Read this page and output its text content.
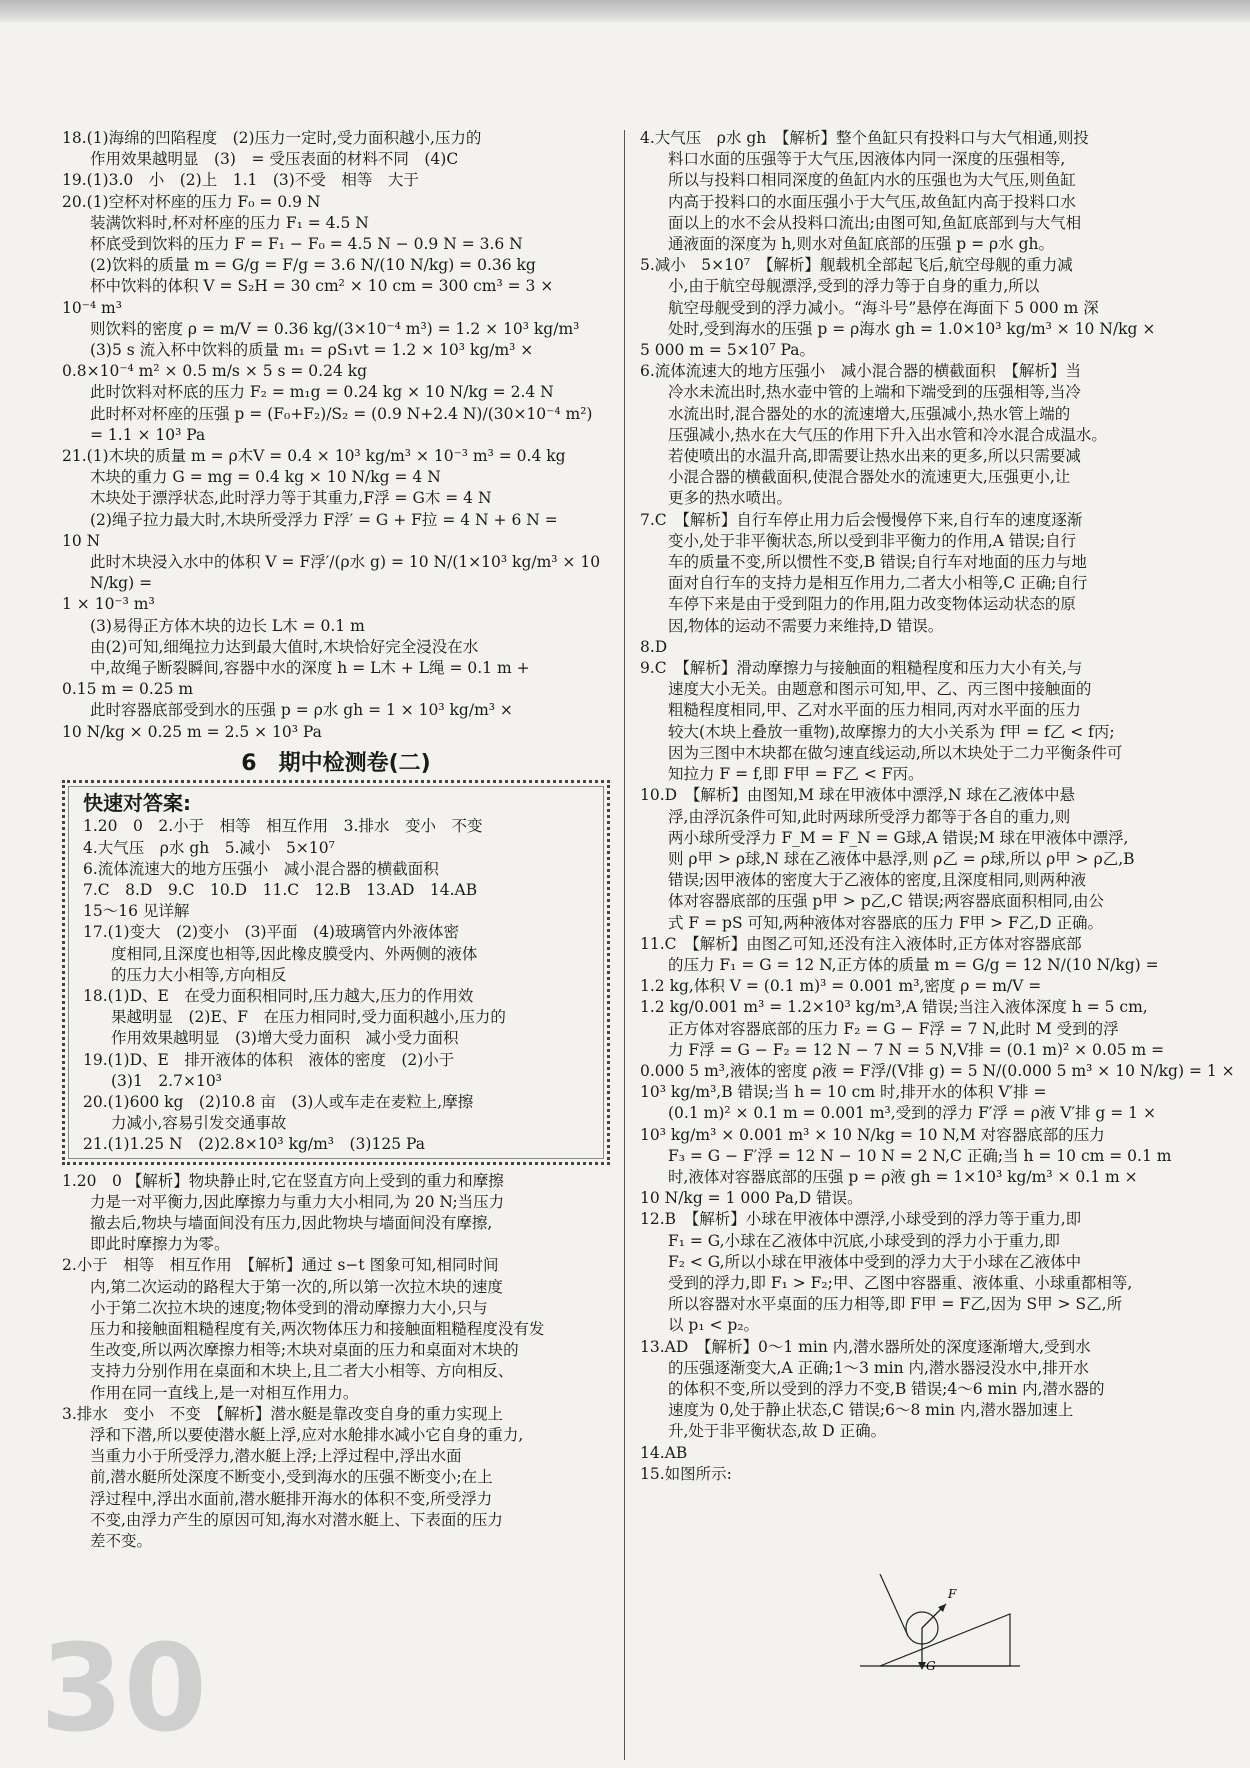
18.(1)海绵的凹陷程度　(2)压力一定时,受力面积越小,压力的
作用效果越明显　(3)　= 受压表面的材料不同　(4)C
19.(1)3.0　小　(2)上　1.1　(3)不受　相等　大于
20.(1)空杯对杯座的压力 F₀ = 0.9 N
装满饮料时,杯对杯座的压力 F₁ = 4.5 N
杯底受到饮料的压力 F = F₁ − F₀ = 4.5 N − 0.9 N = 3.6 N
(2)饮料的质量 m = G/g = F/g = 3.6 N/(10 N/kg) = 0.36 kg
杯中饮料的体积 V = S₂H = 30 cm² × 10 cm = 300 cm³ = 3 ×
10⁻⁴ m³
则饮料的密度 ρ = m/V = 0.36 kg/(3×10⁻⁴ m³) = 1.2 × 10³ kg/m³
(3)5 s 流入杯中饮料的质量 m₁ = ρS₁vt = 1.2 × 10³ kg/m³ ×
0.8×10⁻⁴ m² × 0.5 m/s × 5 s = 0.24 kg
此时饮料对杯底的压力 F₂ = m₁g = 0.24 kg × 10 N/kg = 2.4 N
此时杯对杯座的压强 p = (F₀+F₂)/S₂ = (0.9 N+2.4 N)/(30×10⁻⁴ m²) = 1.1 × 10³ Pa
21.(1)木块的质量 m = ρ木V = 0.4 × 10³ kg/m³ × 10⁻³ m³ = 0.4 kg
木块的重力 G = mg = 0.4 kg × 10 N/kg = 4 N
木块处于漂浮状态,此时浮力等于其重力,F浮 = G木 = 4 N
(2)绳子拉力最大时,木块所受浮力 F浮′ = G + F拉 = 4 N + 6 N =
10 N
此时木块浸入水中的体积 V = F浮′/(ρ水 g) = 10 N/(1×10³ kg/m³ × 10 N/kg) =
1 × 10⁻³ m³
(3)易得正方体木块的边长 L木 = 0.1 m
由(2)可知,细绳拉力达到最大值时,木块恰好完全浸没在水
中,故绳子断裂瞬间,容器中水的深度 h = L木 + L绳 = 0.1 m +
0.15 m = 0.25 m
此时容器底部受到水的压强 p = ρ水 gh = 1 × 10³ kg/m³ ×
10 N/kg × 0.25 m = 2.5 × 10³ Pa
6　期中检测卷(二)
快速对答案:
1.20　0　2.小于　相等　相互作用　3.排水　变小　不变
4.大气压　ρ水 gh　5.减小　5×10⁷
6.流体流速大的地方压强小　减小混合器的横截面积
7.C　8.D　9.C　10.D　11.C　12.B　13.AD　14.AB
15～16 见详解
17.(1)变大　(2)变小　(3)平面　(4)玻璃管内外液体密
度相同,且深度也相等,因此橡皮膜受内、外两侧的液体
的压力大小相等,方向相反
18.(1)D、E　在受力面积相同时,压力越大,压力的作用效
果越明显　(2)E、F　在压力相同时,受力面积越小,压力的
作用效果越明显　(3)增大受力面积　减小受力面积
19.(1)D、E　排开液体的体积　液体的密度　(2)小于
(3)1　2.7×10³
20.(1)600 kg　(2)10.8 亩　(3)人或车走在麦粒上,摩擦
力减小,容易引发交通事故
21.(1)1.25 N　(2)2.8×10³ kg/m³　(3)125 Pa
1.20　0 【解析】物块静止时,它在竖直方向上受到的重力和摩擦
力是一对平衡力,因此摩擦力与重力大小相同,为 20 N;当压力
撤去后,物块与墙面间没有压力,因此物块与墙面间没有摩擦,
即此时摩擦力为零。
2.小于　相等　相互作用　【解析】通过 s−t 图象可知,相同时间
内,第二次运动的路程大于第一次的,所以第一次拉木块的速度
小于第二次拉木块的速度;物体受到的滑动摩擦力大小,只与
压力和接触面粗糙程度有关,两次物体压力和接触面粗糙程度没有发
生改变,所以两次摩擦力相等;木块对桌面的压力和桌面对木块的
支持力分别作用在桌面和木块上,且二者大小相等、方向相反、
作用在同一直线上,是一对相互作用力。
3.排水　变小　不变　【解析】潜水艇是靠改变自身的重力实现上
浮和下潜,所以要使潜水艇上浮,应对水舱排水减小它自身的重力,
当重力小于所受浮力,潜水艇上浮;上浮过程中,浮出水面
前,潜水艇所处深度不断变小,受到海水的压强不断变小;在上
浮过程中,浮出水面前,潜水艇排开海水的体积不变,所受浮力
不变,由浮力产生的原因可知,海水对潜水艇上、下表面的压力
差不变。
4.大气压　ρ水 gh　【解析】整个鱼缸只有投料口与大气相通,则投
料口水面的压强等于大气压,因液体内同一深度的压强相等,
所以与投料口相同深度的鱼缸内水的压强也为大气压,则鱼缸
内高于投料口的水面压强小于大气压,故鱼缸内高于投料口水
面以上的水不会从投料口流出;由图可知,鱼缸底部到与大气相
通液面的深度为 h,则水对鱼缸底部的压强 p = ρ水 gh。
5.减小　5×10⁷　【解析】舰载机全部起飞后,航空母舰的重力减
小,由于航空母舰漂浮,受到的浮力等于自身的重力,所以
航空母舰受到的浮力减小。“海斗号”悬停在海面下 5 000 m 深
处时,受到海水的压强 p = ρ海水 gh = 1.0×10³ kg/m³ × 10 N/kg ×
5 000 m = 5×10⁷ Pa。
6.流体流速大的地方压强小　减小混合器的横截面积　【解析】当
冷水未流出时,热水壶中管的上端和下端受到的压强相等,当冷
水流出时,混合器处的水的流速增大,压强减小,热水管上端的
压强减小,热水在大气压的作用下升入出水管和冷水混合成温水。
若使喷出的水温升高,即需要让热水出来的更多,所以只需要减
小混合器的横截面积,使混合器处水的流速更大,压强更小,让
更多的热水喷出。
7.C　【解析】自行车停止用力后会慢慢停下来,自行车的速度逐渐
变小,处于非平衡状态,所以受到非平衡力的作用,A 错误;自行
车的质量不变,所以惯性不变,B 错误;自行车对地面的压力与地
面对自行车的支持力是相互作用力,二者大小相等,C 正确;自行
车停下来是由于受到阻力的作用,阻力改变物体运动状态的原
因,物体的运动不需要力来维持,D 错误。
8.D
9.C　【解析】滑动摩擦力与接触面的粗糙程度和压力大小有关,与
速度大小无关。由题意和图示可知,甲、乙、丙三图中接触面的
粗糙程度相同,甲、乙对水平面的压力相同,丙对水平面的压力
较大(木块上叠放一重物),故摩擦力的大小关系为 f甲 = f乙 < f丙;
因为三图中木块都在做匀速直线运动,所以木块处于二力平衡条件可
知拉力 F = f,即 F甲 = F乙 < F丙。
10.D　【解析】由图知,M 球在甲液体中漂浮,N 球在乙液体中悬
浮,由浮沉条件可知,此时两球所受浮力都等于各自的重力,则
两小球所受浮力 F_M = F_N = G球,A 错误;M 球在甲液体中漂浮,
则 ρ甲 > ρ球,N 球在乙液体中悬浮,则 ρ乙 = ρ球,所以 ρ甲 > ρ乙,B
错误;因甲液体的密度大于乙液体的密度,且深度相同,则两种液
体对容器底部的压强 p甲 > p乙,C 错误;两容器底面积相同,由公
式 F = pS 可知,两种液体对容器底的压力 F甲 > F乙,D 正确。
11.C　【解析】由图乙可知,还没有注入液体时,正方体对容器底部
的压力 F₁ = G = 12 N,正方体的质量 m = G/g = 12 N/(10 N/kg) =
1.2 kg,体积 V = (0.1 m)³ = 0.001 m³,密度 ρ = m/V =
1.2 kg/0.001 m³ = 1.2×10³ kg/m³,A 错误;当注入液体深度 h = 5 cm,
正方体对容器底部的压力 F₂ = G − F浮 = 7 N,此时 M 受到的浮
力 F浮 = G − F₂ = 12 N − 7 N = 5 N,V排 = (0.1 m)² × 0.05 m =
0.000 5 m³,液体的密度 ρ液 = F浮/(V排 g) = 5 N/(0.000 5 m³ × 10 N/kg) = 1 ×
10³ kg/m³,B 错误;当 h = 10 cm 时,排开水的体积 V′排 =
(0.1 m)² × 0.1 m = 0.001 m³,受到的浮力 F′浮 = ρ液 V′排 g = 1 ×
10³ kg/m³ × 0.001 m³ × 10 N/kg = 10 N,M 对容器底部的压力
F₃ = G − F′浮 = 12 N − 10 N = 2 N,C 正确;当 h = 10 cm = 0.1 m
时,液体对容器底部的压强 p = ρ液 gh = 1×10³ kg/m³ × 0.1 m ×
10 N/kg = 1 000 Pa,D 错误。
12.B　【解析】小球在甲液体中漂浮,小球受到的浮力等于重力,即
F₁ = G,小球在乙液体中沉底,小球受到的浮力小于重力,即
F₂ < G,所以小球在甲液体中受到的浮力大于小球在乙液体中
受到的浮力,即 F₁ > F₂;甲、乙图中容器重、液体重、小球重都相等,
所以容器对水平桌面的压力相等,即 F甲 = F乙,因为 S甲 > S乙,所
以 p₁ < p₂。
13.AD　【解析】0～1 min 内,潜水器所处的深度逐渐增大,受到水
的压强逐渐变大,A 正确;1～3 min 内,潜水器浸没水中,排开水
的体积不变,所以受到的浮力不变,B 错误;4～6 min 内,潜水器的
速度为 0,处于静止状态,C 错误;6～8 min 内,潜水器加速上
升,处于非平衡状态,故 D 正确。
14.AB
15.如图所示:
F
G
30
